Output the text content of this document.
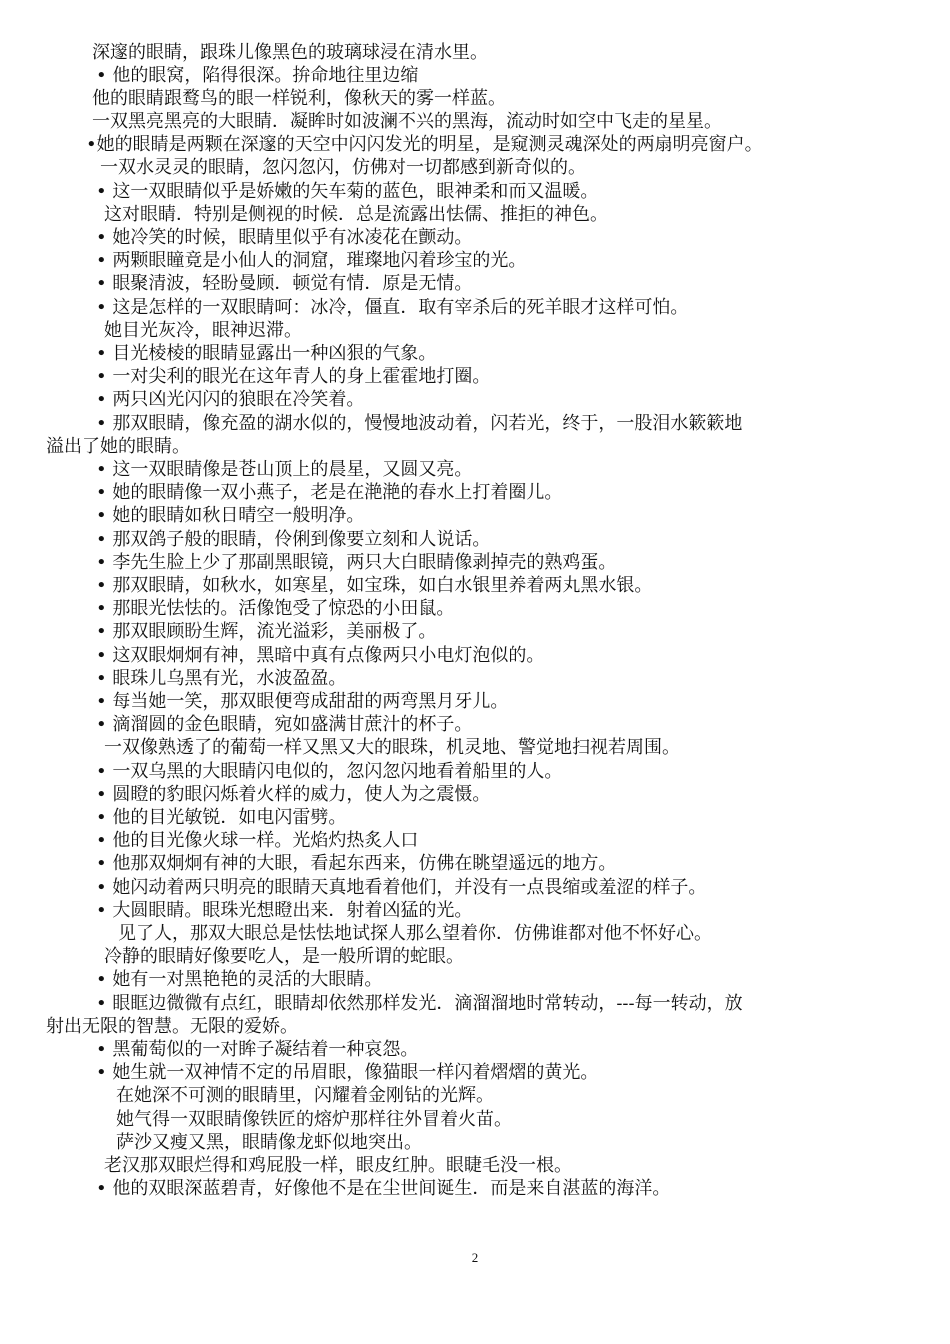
深邃的眼睛，跟珠儿像黑色的玻璃球浸在清水里。
• 他的眼窝，陷得很深。拚命地往里边缩
他的眼睛跟鹜鸟的眼一样锐利，像秋天的雾一样蓝。
一双黑亮黑亮的大眼睛．凝眸时如波澜不兴的黑海，流动时如空中飞走的星星。
•她的眼睛是两颗在深邃的天空中闪闪发光的明星，是窥测灵魂深处的两扇明亮窗户。
一双水灵灵的眼睛，忽闪忽闪，仿佛对一切都感到新奇似的。
• 这一双眼睛似乎是娇嫩的矢车菊的蓝色，眼神柔和而又温暖。
这对眼睛．特别是侧视的时候．总是流露出怯儒、推拒的神色。
• 她冷笑的时候，眼睛里似乎有冰凌花在颤动。
• 两颗眼瞳竟是小仙人的洞窟，璀璨地闪着珍宝的光。
• 眼聚清波，轻盼曼顾．顿觉有情．原是无情。
• 这是怎样的一双眼睛呵：冰冷，僵直．取有宰杀后的死羊眼才这样可怕。
她目光灰冷，眼神迟滞。
• 目光棱棱的眼睛显露出一种凶狠的气象。
• 一对尖利的眼光在这年青人的身上霍霍地打圈。
• 两只凶光闪闪的狼眼在冷笑着。
• 那双眼睛，像充盈的湖水似的，慢慢地波动着，闪若光，终于，一股泪水簌簌地
溢出了她的眼睛。
• 这一双眼睛像是苍山顶上的晨星，又圆又亮。
• 她的眼睛像一双小燕子，老是在滟滟的春水上打着圈儿。
• 她的眼睛如秋日晴空一般明净。
• 那双鸽子般的眼睛，伶俐到像要立刻和人说话。
• 李先生脸上少了那副黑眼镜，两只大白眼睛像剥掉壳的熟鸡蛋。
• 那双眼睛，如秋水，如寒星，如宝珠，如白水银里养着两丸黑水银。
• 那眼光怯怯的。活像饱受了惊恐的小田鼠。
• 那双眼顾盼生辉，流光溢彩，美丽极了。
• 这双眼炯炯有神，黑暗中真有点像两只小电灯泡似的。
• 眼珠儿乌黑有光，水波盈盈。
• 每当她一笑，那双眼便弯成甜甜的两弯黑月牙儿。
• 滴溜圆的金色眼睛，宛如盛满甘蔗汁的杯子。
一双像熟透了的葡萄一样又黑又大的眼珠，机灵地、警觉地扫视若周围。
• 一双乌黑的大眼睛闪电似的，忽闪忽闪地看着船里的人。
• 圆瞪的豹眼闪烁着火样的威力，使人为之震慑。
• 他的目光敏锐．如电闪雷劈。
• 他的目光像火球一样。光焰灼热炙人口
• 他那双炯炯有神的大眼，看起东西来，仿佛在眺望遥远的地方。
• 她闪动着两只明亮的眼睛天真地看着他们，并没有一点畏缩或羞涩的样子。
• 大圆眼睛。眼珠光想瞪出来．射着凶猛的光。
见了人，那双大眼总是怯怯地试探人那么望着你．仿佛谁都对他不怀好心。
冷静的眼睛好像要吃人，是一般所谓的蛇眼。
• 她有一对黑艳艳的灵活的大眼睛。
• 眼眶边微微有点红，眼睛却依然那样发光．滴溜溜地时常转动，---每一转动，放
射出无限的智慧。无限的爱娇。
• 黑葡萄似的一对眸子凝结着一种哀怨。
• 她生就一双神情不定的吊眉眼，像猫眼一样闪着熠熠的黄光。
在她深不可测的眼睛里，闪耀着金刚钻的光辉。
她气得一双眼睛像铁匠的熔炉那样往外冒着火苗。
萨沙又瘦又黑，眼睛像龙虾似地突出。
老汉那双眼烂得和鸡屁股一样，眼皮红肿。眼睫毛没一根。
• 他的双眼深蓝碧青，好像他不是在尘世间诞生．而是来自湛蓝的海洋。
2
